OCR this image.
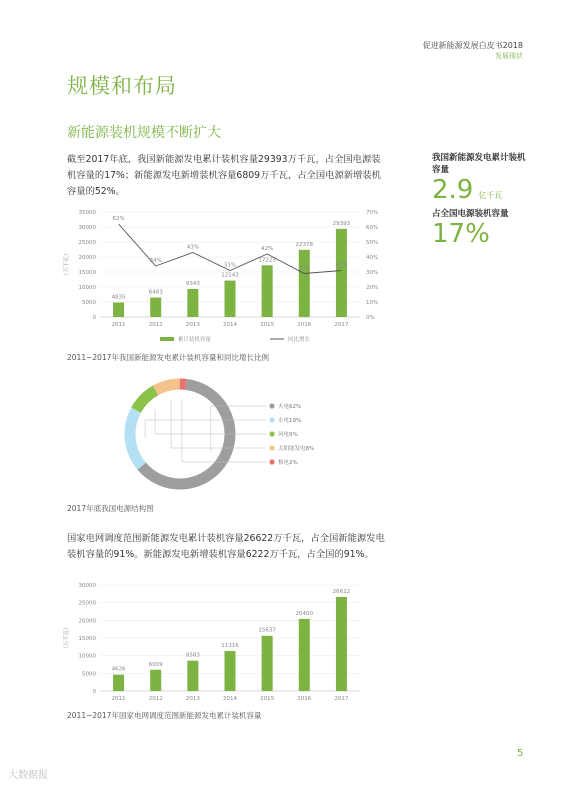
促进新能源发展白皮书2018
发展现状
规模和布局
新能源装机规模不断扩大
截至2017年底，我国新能源发电累计装机容量29393万千瓦，占全国电源装机容量的17%；新能源发电新增装机容量6809万千瓦，占全国电源新增装机容量的52%。
我国新能源发电累计装机容量
2.9 亿千瓦
占全国电源装机容量
17%
0
5000
10000
15000
20000
25000
30000
35000
（万千瓦）
2011
4835
2012
6483
2013
9343
2014
12143
2015
17225
2016
22378
2017
29393
0%
10%
20%
30%
40%
50%
60%
70%
62%
34%
43%
31%
42%
29%	31%
累计装机容量	同比增长
2011~2017年我国新能源发电累计装机容量和同比增长比例
火电62%
水电19%
风电9%
太阳能发电8%
核电2%
2017年底我国电源结构图
国家电网调度范围新能源发电累计装机容量26622万千瓦，占全国新能源发电装机容量的91%。新能源发电新增装机容量6222万千瓦，占全国的91%。
0
5000
10000
15000
20000
25000
30000
（万千瓦）
2011
4626
2012
6009
2013
8583
2014
11316
2015
15637
2016
20400
2017
26622
2011~2017年国家电网调度范围新能源发电累计装机容量
5
大数据报
